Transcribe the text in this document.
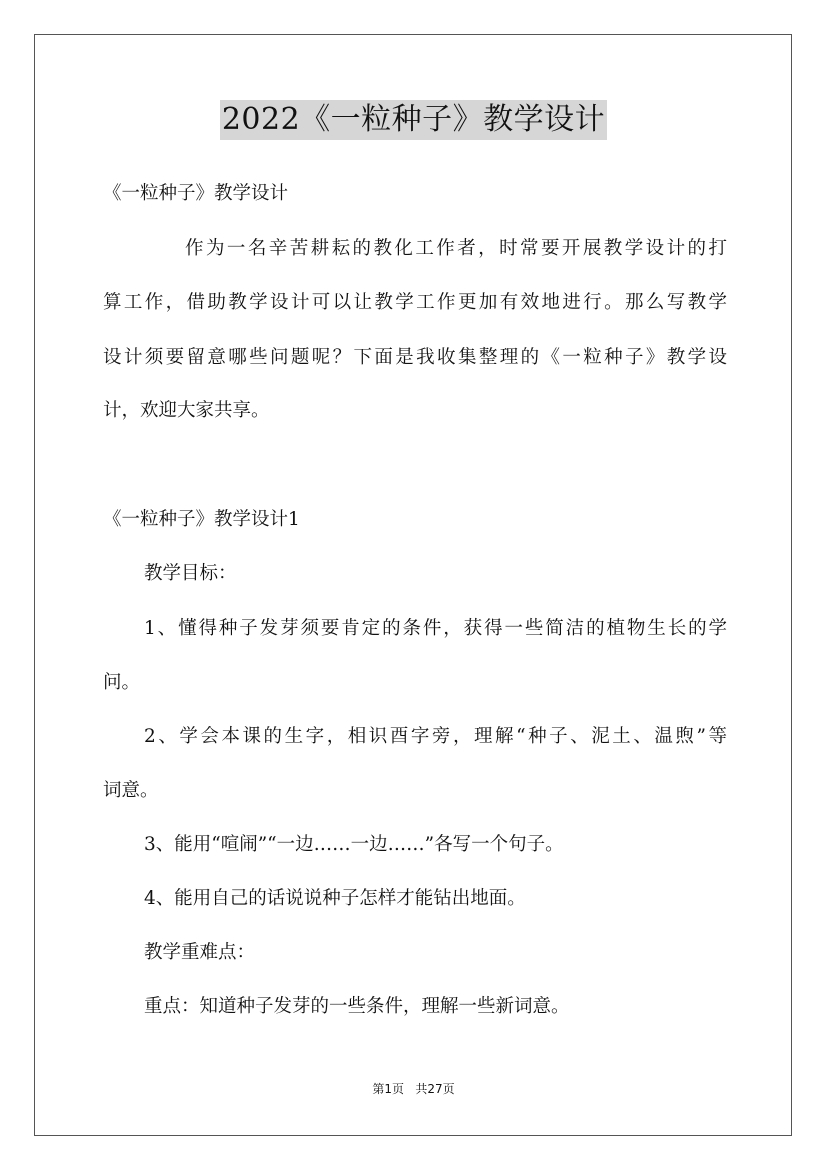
2022《一粒种子》教学设计
《一粒种子》教学设计
作为一名辛苦耕耘的教化工作者，时常要开展教学设计的打
算工作，借助教学设计可以让教学工作更加有效地进行。那么写教学
设计须要留意哪些问题呢？下面是我收集整理的《一粒种子》教学设
计，欢迎大家共享。
《一粒种子》教学设计1
教学目标：
1、懂得种子发芽须要肯定的条件，获得一些简洁的植物生长的学
问。
2、学会本课的生字，相识酉字旁，理解“种子、泥土、温煦”等
词意。
3、能用“喧闹”“一边……一边……”各写一个句子。
4、能用自己的话说说种子怎样才能钻出地面。
教学重难点：
重点：知道种子发芽的一些条件，理解一些新词意。
第1页 共27页
